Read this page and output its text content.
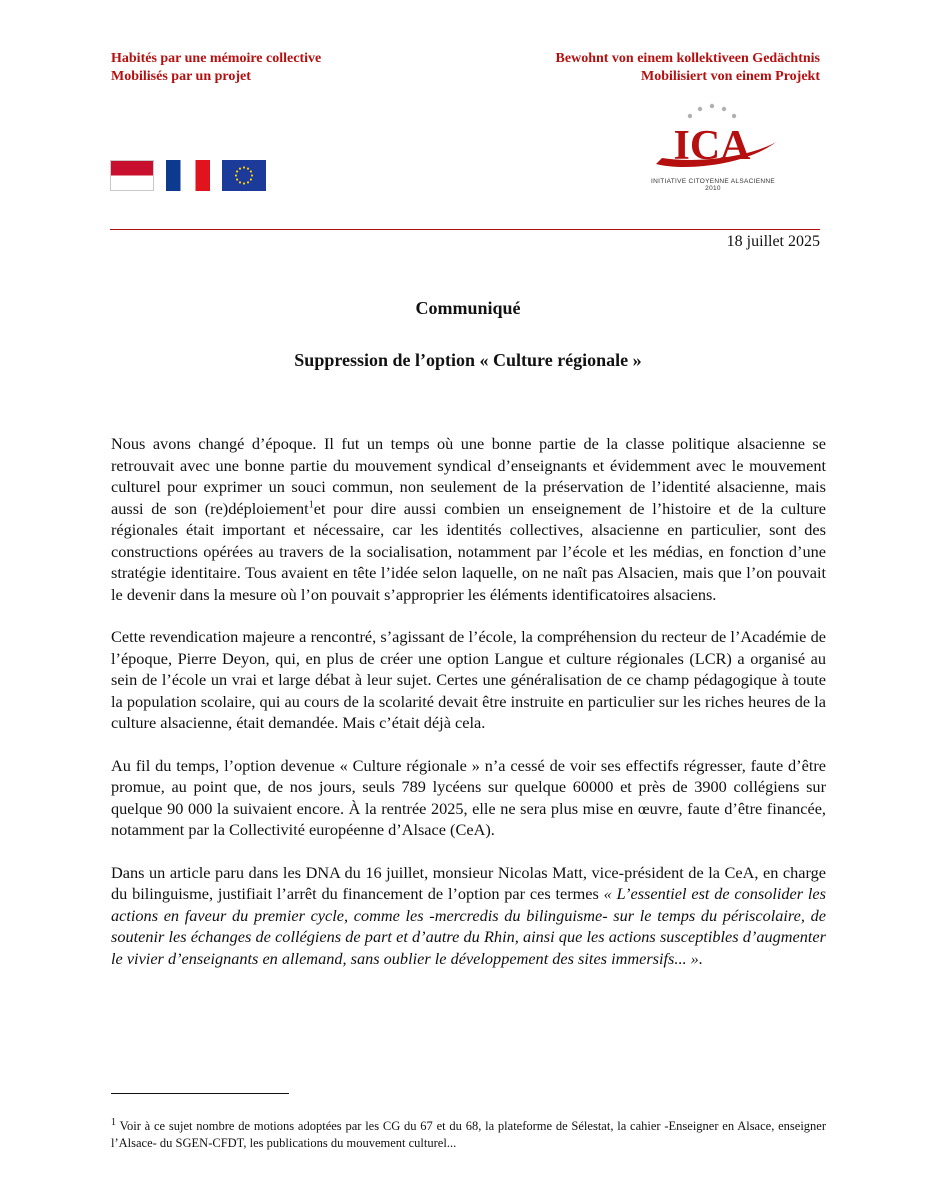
Habités par une mémoire collective
Mobilisés par un projet
Bewohnt von einem kollektiveen Gedächtnis
Mobilisiert von einem Projekt
ICA
INITIATIVE CITOYENNE ALSACIENNE 2010
18 juillet 2025
Communiqué
Suppression de l’option « Culture régionale »

Nous avons changé d’époque. Il fut un temps où une bonne partie de la classe politique alsacienne se retrouvait avec une bonne partie du mouvement syndical d’enseignants et évidemment avec le mouvement culturel pour exprimer un souci commun, non seulement de la préservation de l’identité alsacienne, mais aussi de son (re)déploiement$^1$et pour dire aussi combien un enseignement de l’histoire et de la culture régionales était important et nécessaire, car les identités collectives, alsacienne en particulier, sont des constructions opérées au travers de la socialisation, notamment par l’école et les médias, en fonction d’une stratégie identitaire. Tous avaient en tête l’idée selon laquelle, on ne naît pas Alsacien, mais que l’on pouvait le devenir dans la mesure où l’on pouvait s’approprier les éléments identificatoires alsaciens.

Cette revendication majeure a rencontré, s’agissant de l’école, la compréhension du recteur de l’Académie de l’époque, Pierre Deyon, qui, en plus de créer une option Langue et culture régionales (LCR) a organisé au sein de l’école un vrai et large débat à leur sujet. Certes une généralisation de ce champ pédagogique à toute la population scolaire, qui au cours de la scolarité devait être instruite en particulier sur les riches heures de la culture alsacienne, était demandée. Mais c’était déjà cela.

Au fil du temps, l’option devenue « Culture régionale » n’a cessé de voir ses effectifs régresser, faute d’être promue, au point que, de nos jours, seuls 789 lycéens sur quelque 60000 et près de 3900 collégiens sur quelque 90 000 la suivaient encore. À la rentrée 2025, elle ne sera plus mise en œuvre, faute d’être financée, notamment par la Collectivité européenne d’Alsace (CeA).

Dans un article paru dans les DNA du 16 juillet, monsieur Nicolas Matt, vice-président de la CeA, en charge du bilinguisme, justifiait l’arrêt du financement de l’option par ces termes « L’essentiel est de consolider les actions en faveur du premier cycle, comme les -mercredis du bilinguisme- sur le temps du périscolaire, de soutenir les échanges de collégiens de part et d’autre du Rhin, ainsi que les actions susceptibles d’augmenter le vivier d’enseignants en allemand, sans oublier le développement des sites immersifs... ».

$^1$ Voir à ce sujet nombre de motions adoptées par les CG du 67 et du 68, la plateforme de Sélestat, la cahier -Enseigner en Alsace, enseigner l’Alsace- du SGEN-CFDT, les publications du mouvement culturel...
